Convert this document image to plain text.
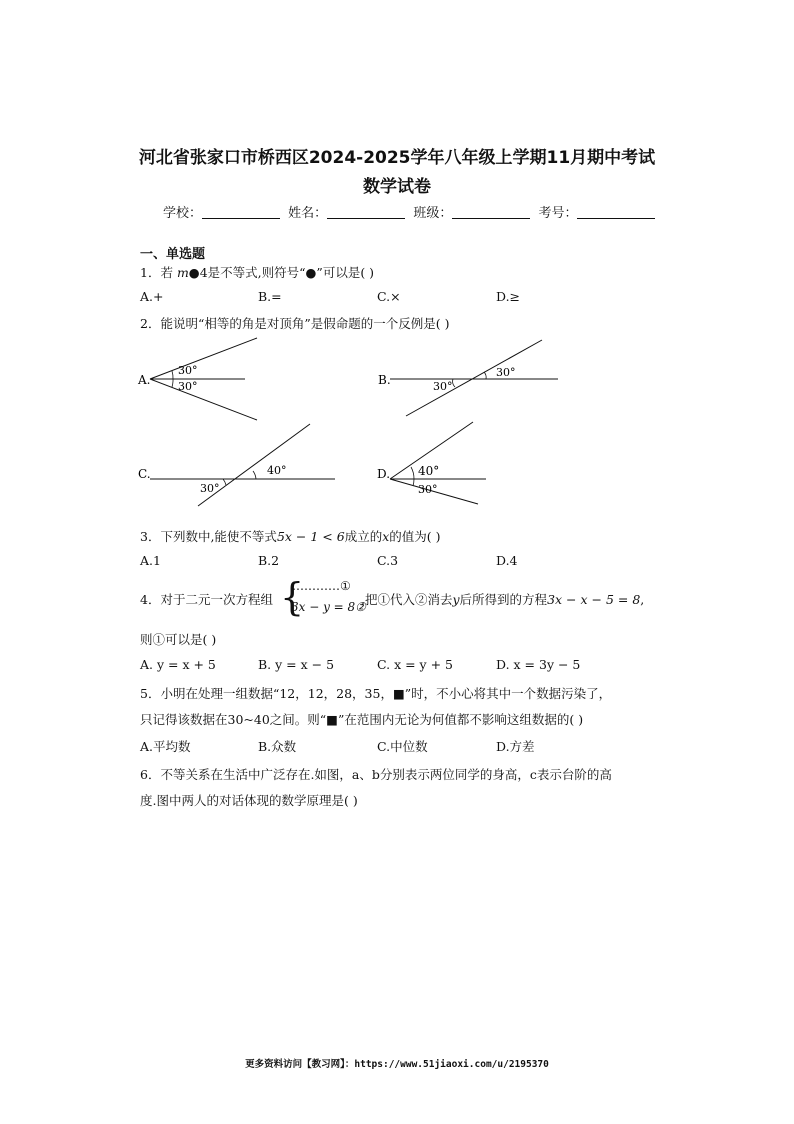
河北省张家口市桥西区2024-2025学年八年级上学期11月期中考试
数学试卷
学校：	姓名：	班级：	考号：
一、单选题
1．若 m●4是不等式,则符号“●”可以是( )
A.+	B.=	C.×	D.≥
2．能说明“相等的角是对顶角”是假命题的一个反例是( )
A.
30°
30°	B.	30°
30°
C.
30°
40°	D. 40°
30°
3．下列数中,能使不等式5x − 1 < 6成立的x的值为( )
A.1	B.2	C.3	D.4
4．对于二元一次方程组 {
…………①
3x − y = 8②
,把①代入②消去y后所得到的方程3x − x − 5 = 8,
则①可以是( )
A. y = x + 5	B. y = x − 5	C. x = y + 5	D. x = 3y − 5
5．小明在处理一组数据“12，12，28，35，■”时，不小心将其中一个数据污染了，
只记得该数据在30~40之间。则“■”在范围内无论为何值都不影响这组数据的( )
A.平均数	B.众数	C.中位数	D.方差
6．不等关系在生活中广泛存在.如图，a、b分别表示两位同学的身高，c表示台阶的高
度.图中两人的对话体现的数学原理是( )
更多资料访问【教习网】：https://www.51jiaoxi.com/u/2195370
